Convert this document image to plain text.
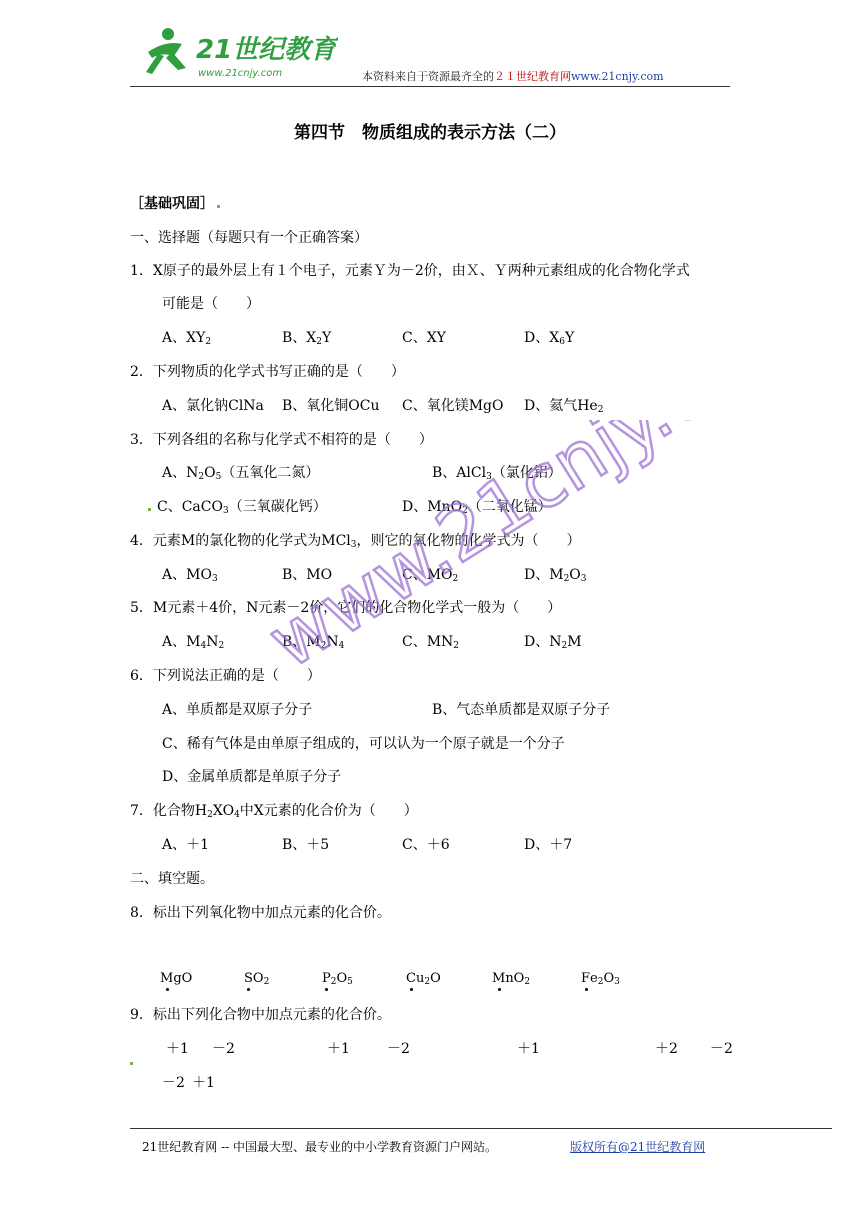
21世纪教育
www.21cnjy.com	本资料来自于资源最齐全的２１世纪教育网www.21cnjy.com
第四节　物质组成的表示方法（二）
［基础巩固］
一、选择题（每题只有一个正确答案）
1．X原子的最外层上有１个电子，元素Ｙ为－2价，由Ｘ、Ｙ两种元素组成的化合物化学式
可能是（　　）
A、$XY_2$	B、$X_2Y$	C、XY	D、$X_6Y$
2．下列物质的化学式书写正确的是（　　）
A、氯化钠ClNa B、氧化铜OCu C、氧化镁MgO D、氦气$He_2$
3．下列各组的名称与化学式不相符的是（　　）
A、$N_2O_5$（五氧化二氮）	B、AlCl$_3$（氯化铝）
C、CaCO$_3$（三氧碳化钙）	D、MnO$_2$（二氧化锰）
4．元素M的氯化物的化学式为MCl$_3$，则它的氧化物的化学式为（　　）
A、$MO_3$	B、MO	C、$MO_2$	D、$M_2O_3$
5．M元素＋4价，N元素－2价，它们的化合物化学式一般为（　　）
A、$M_4N_2$	B、$M_2N_4$	C、$MN_2$	D、$N_2M$
6．下列说法正确的是（　　）
A、单质都是双原子分子	B、气态单质都是双原子分子
C、稀有气体是由单原子组成的，可以认为一个原子就是一个分子
D、金属单质都是单原子分子
7．化合物$H_2XO_4$中X元素的化合价为（　　）
A、＋1	B、＋5	C、＋6	D、＋7
二、填空题。
8．标出下列氧化物中加点元素的化合价。
MgO	$SO_2$	$P_2O_5$	$Cu_2O$	MnO$_2$	$Fe_2O_3$
9．标出下列化合物中加点元素的化合价。
＋1 －2	＋1	－2	＋1	＋2 －2
－2 ＋1
www.21cnjy.com
21世纪教育网 -- 中国最大型、最专业的中小学教育资源门户网站。	版权所有@21世纪教育网
